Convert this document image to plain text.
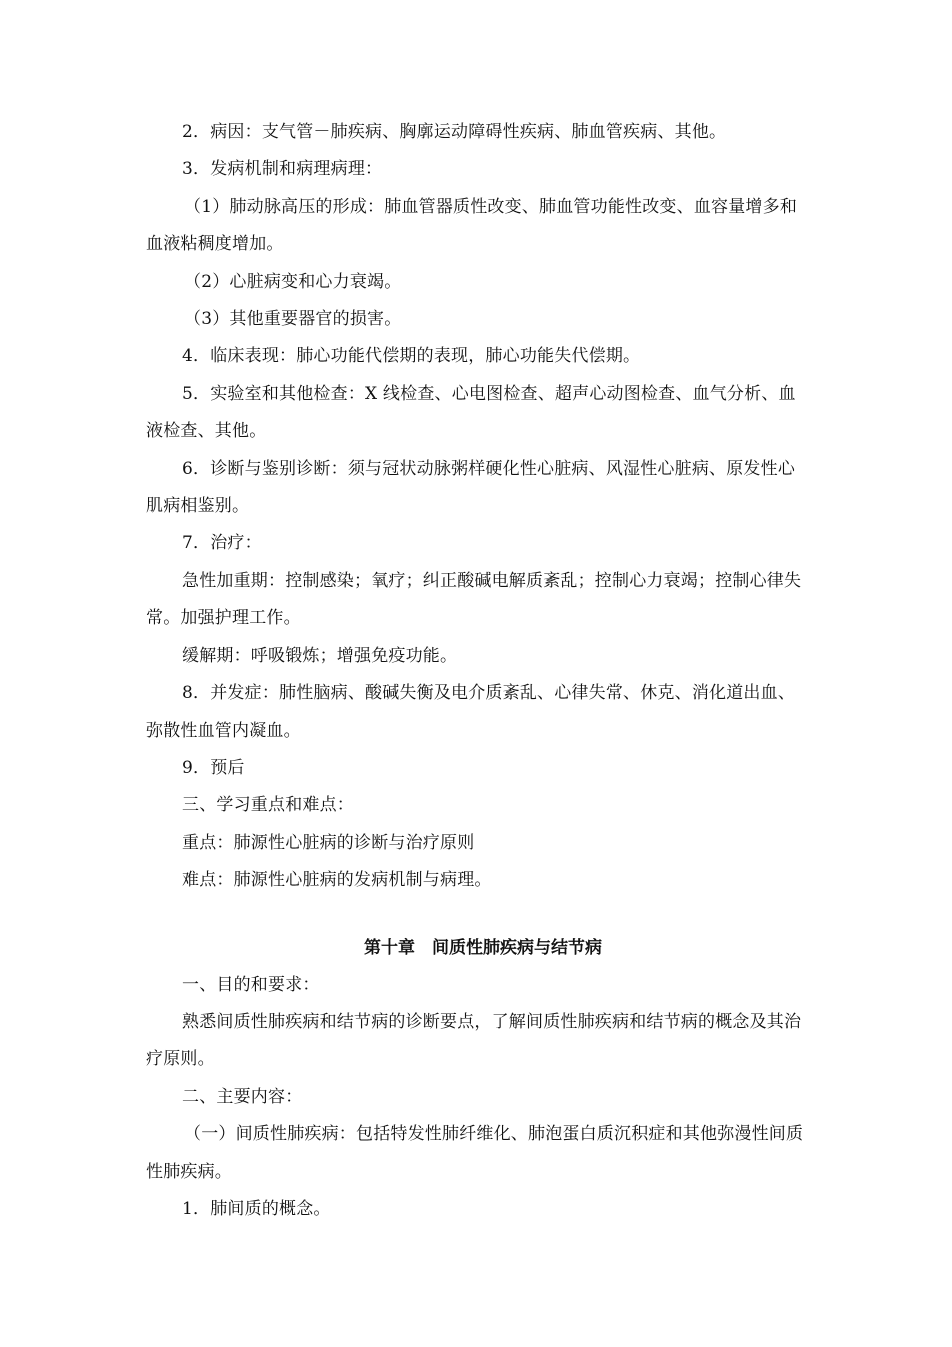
2．病因：支气管－肺疾病、胸廓运动障碍性疾病、肺血管疾病、其他。

3．发病机制和病理病理：

（1）肺动脉高压的形成：肺血管器质性改变、肺血管功能性改变、血容量增多和血液粘稠度增加。

（2）心脏病变和心力衰竭。

（3）其他重要器官的损害。

4．临床表现：肺心功能代偿期的表现，肺心功能失代偿期。

5．实验室和其他检查：X 线检查、心电图检查、超声心动图检查、血气分析、血液检查、其他。

6．诊断与鉴别诊断：须与冠状动脉粥样硬化性心脏病、风湿性心脏病、原发性心肌病相鉴别。

7．治疗：

急性加重期：控制感染；氧疗；纠正酸碱电解质紊乱；控制心力衰竭；控制心律失常。加强护理工作。

缓解期：呼吸锻炼；增强免疫功能。

8．并发症：肺性脑病、酸碱失衡及电介质紊乱、心律失常、休克、消化道出血、弥散性血管内凝血。

9．预后

三、学习重点和难点：

重点：肺源性心脏病的诊断与治疗原则

难点：肺源性心脏病的发病机制与病理。

第十章　间质性肺疾病与结节病

一、目的和要求：

熟悉间质性肺疾病和结节病的诊断要点，了解间质性肺疾病和结节病的概念及其治疗原则。

二、主要内容：

（一）间质性肺疾病：包括特发性肺纤维化、肺泡蛋白质沉积症和其他弥漫性间质性肺疾病。

1．肺间质的概念。
